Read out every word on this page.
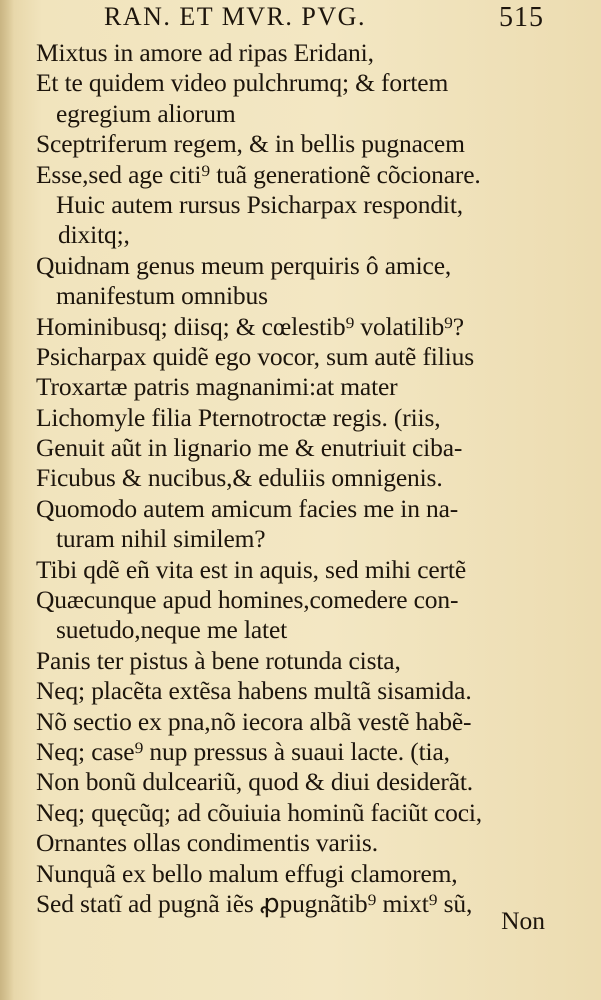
RAN. ET MVR. PVG.	515
Mixtus in amore ad ripas Eridani,
Et te quidem video pulchrumq; & fortem
egregium aliorum
Sceptriferum regem, & in bellis pugnacem
Esse,sed age citi⁹ tuã generationẽ cõcionare.
Huic autem rursus Psicharpax respondit,
dixitq;,
Quidnam genus meum perquiris ô amice,
manifestum omnibus
Hominibusq; diisq; & cœlestib⁹ volatilib⁹?
Psicharpax quidẽ ego vocor, sum autẽ filius
Troxartæ patris magnanimi:at mater
Lichomyle filia Pternotroctæ regis. (riis,
Genuit aũt in lignario me & enutriuit ciba-
Ficubus & nucibus,& eduliis omnigenis.
Quomodo autem amicum facies me in na-
turam nihil similem?
Tibi qdẽ eñ vita est in aquis, sed mihi certẽ
Quæcunque apud homines,comedere con-
suetudo,neque me latet
Panis ter pistus à bene rotunda cista,
Neq; placẽta extẽsa habens multã sisamida.
Nõ sectio ex pna,nõ iecora albã vestẽ habẽ-
Neq; case⁹ nup pressus à suaui lacte. (tia,
Non bonũ dulceariũ, quod & diui desiderãt.
Neq; quęcũq; ad cõuiuia hominũ faciũt coci,
Ornantes ollas condimentis variis.
Nunquã ex bello malum effugi clamorem,
Sed statĩ ad pugnã iẽs ꝓpugnãtib⁹ mixt⁹ sũ,
Non
